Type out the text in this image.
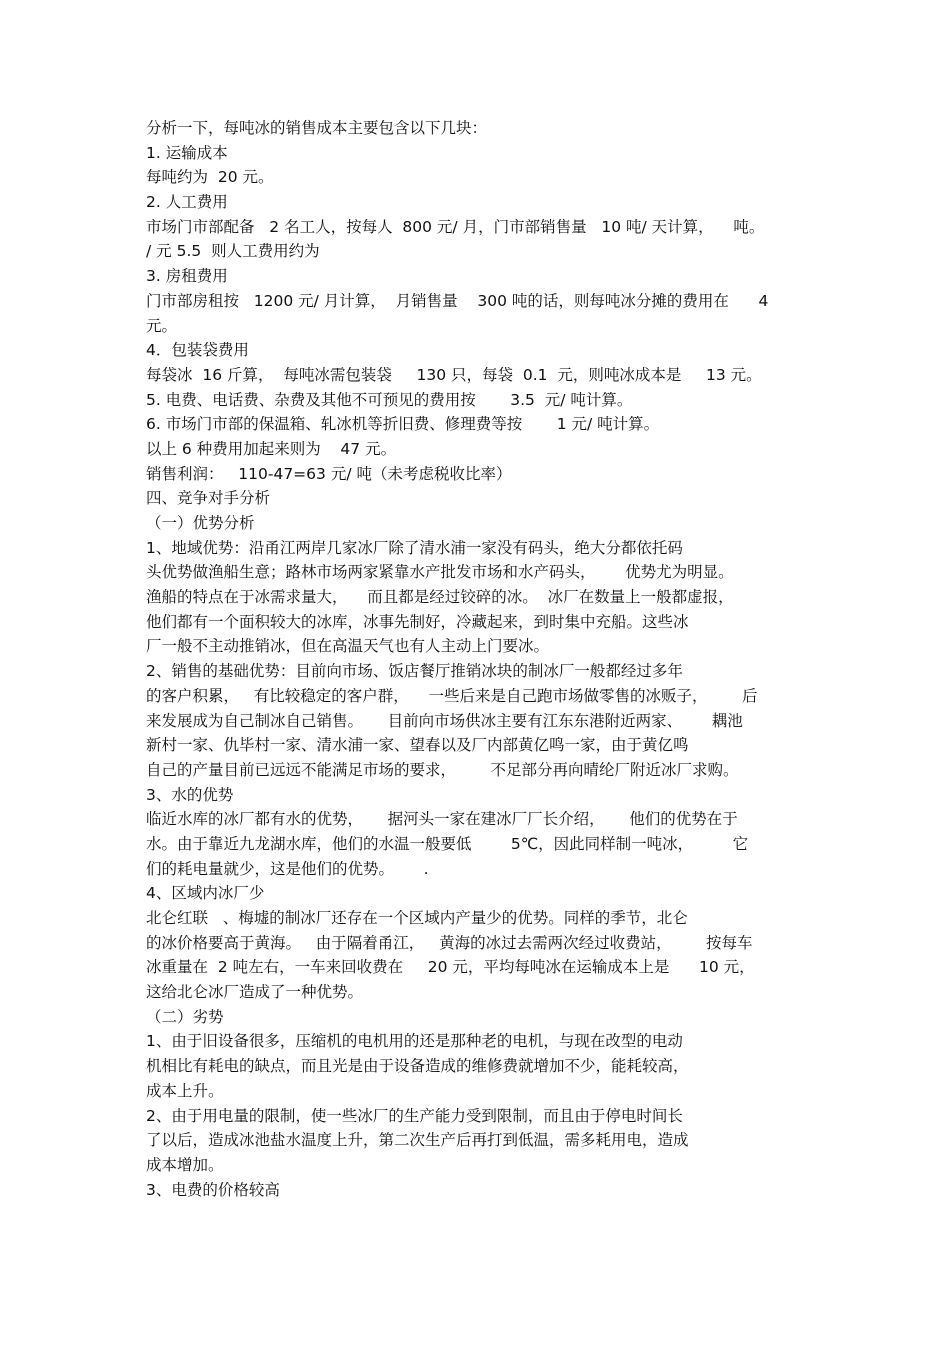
分析一下，每吨冰的销售成本主要包含以下几块：
1. 运输成本
每吨约为  20 元。
2. 人工费用
市场门市部配备   2 名工人，按每人  800 元/ 月，门市部销售量   10 吨/ 天计算，    吨。
/ 元 5.5  则人工费用约为
3. 房租费用
门市部房租按   1200 元/ 月计算，  月销售量    300 吨的话，则每吨冰分摊的费用在      4
元。
4．包装袋费用
每袋冰  16 斤算，  每吨冰需包装袋     130 只，每袋  0.1  元，则吨冰成本是     13 元。
5. 电费、电话费、杂费及其他不可预见的费用按       3.5  元/ 吨计算。
6. 市场门市部的保温箱、轧冰机等折旧费、修理费等按       1 元/ 吨计算。
以上 6 种费用加起来则为    47 元。
销售利润：   110-47=63 元/ 吨（未考虑税收比率）
四、竞争对手分析
（一）优势分析
1、地域优势：沿甬江两岸几家冰厂除了清水浦一家没有码头，绝大分都依托码
头优势做渔船生意；路林市场两家紧靠水产批发市场和水产码头，      优势尤为明显。
渔船的特点在于冰需求量大，    而且都是经过铰碎的冰。  冰厂在数量上一般都虚报，
他们都有一个面积较大的冰库，冰事先制好，冷藏起来，到时集中充船。这些冰
厂一般不主动推销冰，但在高温天气也有人主动上门要冰。
2、销售的基础优势：目前向市场、饭店餐厅推销冰块的制冰厂一般都经过多年
的客户积累，   有比较稳定的客户群，    一些后来是自己跑市场做零售的冰贩子，       后
来发展成为自己制冰自己销售。     目前向市场供冰主要有江东东港附近两家、      耦池
新村一家、仇毕村一家、清水浦一家、望春以及厂内部黄亿鸣一家，由于黄亿鸣
自己的产量目前已远远不能满足市场的要求，       不足部分再向晴纶厂附近冰厂求购。
3、水的优势
临近水库的冰厂都有水的优势，     据河头一家在建冰厂厂长介绍，     他们的优势在于
水。由于靠近九龙湖水库，他们的水温一般要低        5℃，因此同样制一吨冰，        它
们的耗电量就少，这是他们的优势。      .
4、区域内冰厂少
北仑红联   、梅墟的制冰厂还存在一个区域内产量少的优势。同样的季节，北仑
的冰价格要高于黄海。   由于隔着甬江，   黄海的冰过去需两次经过收费站，       按每车
冰重量在  2 吨左右，一车来回收费在     20 元，平均每吨冰在运输成本上是      10 元，
这给北仑冰厂造成了一种优势。
（二）劣势
1、由于旧设备很多，压缩机的电机用的还是那种老的电机，与现在改型的电动
机相比有耗电的缺点，而且光是由于设备造成的维修费就增加不少，能耗较高，
成本上升。
2、由于用电量的限制，使一些冰厂的生产能力受到限制，而且由于停电时间长
了以后，造成冰池盐水温度上升，第二次生产后再打到低温，需多耗用电，造成
成本增加。
3、电费的价格较高
